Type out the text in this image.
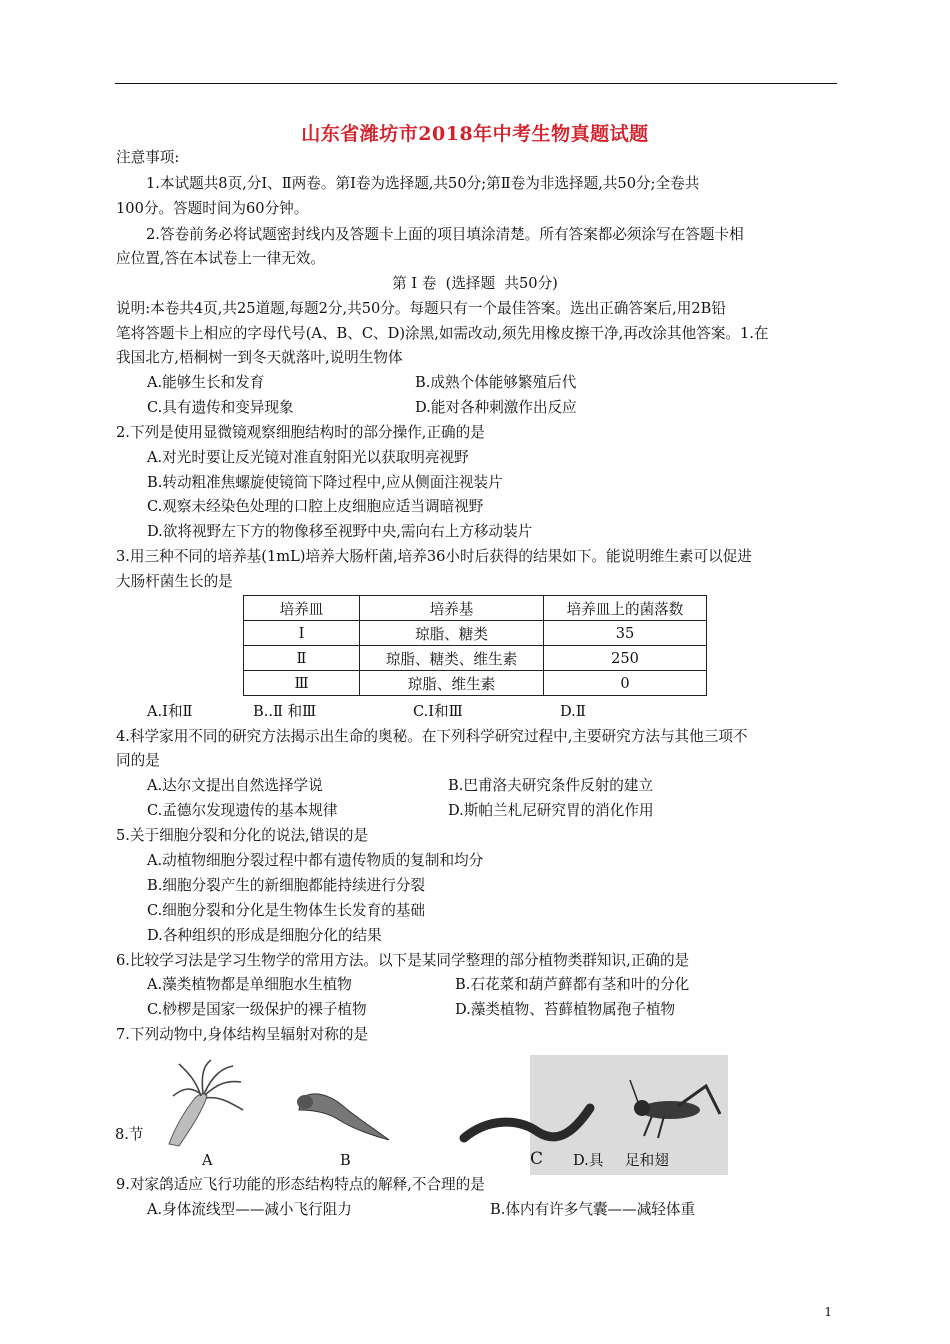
山东省潍坊市2018年中考生物真题试题
注意事项:
1.本试题共8页,分Ⅰ、Ⅱ两卷。第Ⅰ卷为选择题,共50分;第Ⅱ卷为非选择题,共50分;全卷共
100分。答题时间为60分钟。
2.答卷前务必将试题密封线内及答题卡上面的项目填涂清楚。所有答案都必须涂写在答题卡相
应位置,答在本试卷上一律无效。
第 Ⅰ 卷  (选择题  共50分)
说明:本卷共4页,共25道题,每题2分,共50分。每题只有一个最佳答案。选出正确答案后,用2B铅
笔将答题卡上相应的字母代号(A、B、C、D)涂黑,如需改动,须先用橡皮擦干净,再改涂其他答案。1.在
我国北方,梧桐树一到冬天就落叶,说明生物体
A.能够生长和发育	B.成熟个体能够繁殖后代
C.具有遗传和变异现象	D.能对各种刺激作出反应
2.下列是使用显微镜观察细胞结构时的部分操作,正确的是
A.对光时要让反光镜对准直射阳光以获取明亮视野
B.转动粗准焦螺旋使镜筒下降过程中,应从侧面注视装片
C.观察未经染色处理的口腔上皮细胞应适当调暗视野
D.欲将视野左下方的物像移至视野中央,需向右上方移动装片
3.用三种不同的培养基(1mL)培养大肠杆菌,培养36小时后获得的结果如下。能说明维生素可以促进
大肠杆菌生长的是
培养皿	培养基	培养皿上的菌落数
Ⅰ	琼脂、糖类	35
Ⅱ	琼脂、糖类、维生素	250
Ⅲ	琼脂、维生素	0
A.Ⅰ和Ⅱ	B..Ⅱ 和Ⅲ	C.Ⅰ和Ⅲ	D.Ⅱ
4.科学家用不同的研究方法揭示出生命的奥秘。在下列科学研究过程中,主要研究方法与其他三项不
同的是
A.达尔文提出自然选择学说	B.巴甫洛夫研究条件反射的建立
C.孟德尔发现遗传的基本规律	D.斯帕兰札尼研究胃的消化作用
5.关于细胞分裂和分化的说法,错误的是
A.动植物细胞分裂过程中都有遗传物质的复制和均分
B.细胞分裂产生的新细胞都能持续进行分裂
C.细胞分裂和分化是生物体生长发育的基础
D.各种组织的形成是细胞分化的结果
6.比较学习法是学习生物学的常用方法。以下是某同学整理的部分植物类群知识,正确的是
A.藻类植物都是单细胞水生植物	B.石花菜和葫芦藓都有茎和叶的分化
C.桫椤是国家一级保护的裸子植物	D.藻类植物、苔藓植物属孢子植物
7.下列动物中,身体结构呈辐射对称的是
8.节
A	B	C D.具 足和翅
9.对家鸽适应飞行功能的形态结构特点的解释,不合理的是
A.身体流线型——减小飞行阻力	B.体内有许多气囊——减轻体重
1
